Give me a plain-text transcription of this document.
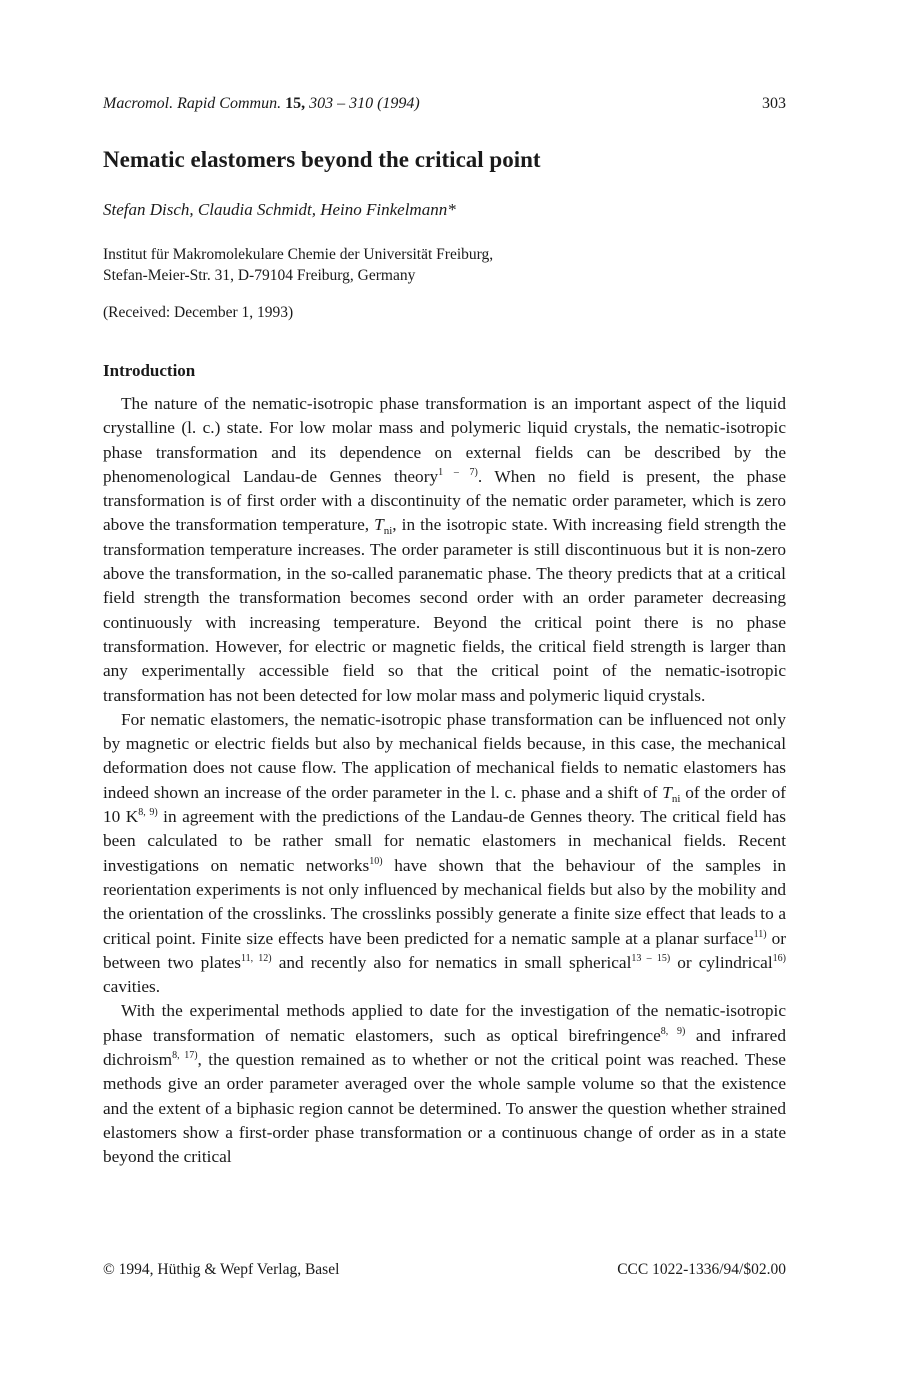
Macromol. Rapid Commun. 15, 303 – 310 (1994)	303
Nematic elastomers beyond the critical point
Stefan Disch, Claudia Schmidt, Heino Finkelmann*
Institut für Makromolekulare Chemie der Universität Freiburg,
Stefan-Meier-Str. 31, D-79104 Freiburg, Germany
(Received: December 1, 1993)
Introduction

The nature of the nematic-isotropic phase transformation is an important aspect of the liquid crystalline (l. c.) state. For low molar mass and polymeric liquid crystals, the nematic-isotropic phase transformation and its dependence on external fields can be described by the phenomenological Landau-de Gennes theory$^{1 - 7)}$. When no field is present, the phase transformation is of first order with a discontinuity of the nematic order parameter, which is zero above the transformation temperature, $T_{ni}$, in the isotropic state. With increasing field strength the transformation temperature increases. The order parameter is still discontinuous but it is non-zero above the transformation, in the so-called paranematic phase. The theory predicts that at a critical field strength the transformation becomes second order with an order parameter decreasing continuously with increasing temperature. Beyond the critical point there is no phase transformation. However, for electric or magnetic fields, the critical field strength is larger than any experimentally accessible field so that the critical point of the nematic-isotropic transformation has not been detected for low molar mass and polymeric liquid crystals.

For nematic elastomers, the nematic-isotropic phase transformation can be influenced not only by magnetic or electric fields but also by mechanical fields because, in this case, the mechanical deformation does not cause flow. The application of mechanical fields to nematic elastomers has indeed shown an increase of the order parameter in the l. c. phase and a shift of $T_{ni}$ of the order of 10 K$^{8, 9)}$ in agreement with the predictions of the Landau-de Gennes theory. The critical field has been calculated to be rather small for nematic elastomers in mechanical fields. Recent investigations on nematic networks$^{10)}$ have shown that the behaviour of the samples in reorientation experiments is not only influenced by mechanical fields but also by the mobility and the orientation of the crosslinks. The crosslinks possibly generate a finite size effect that leads to a critical point. Finite size effects have been predicted for a nematic sample at a planar surface$^{11)}$ or between two plates$^{11, 12)}$ and recently also for nematics in small spherical$^{13 - 15)}$ or cylindrical$^{16)}$ cavities.

With the experimental methods applied to date for the investigation of the nematic-isotropic phase transformation of nematic elastomers, such as optical birefringence$^{8, 9)}$ and infrared dichroism$^{8, 17)}$, the question remained as to whether or not the critical point was reached. These methods give an order parameter averaged over the whole sample volume so that the existence and the extent of a biphasic region cannot be determined. To answer the question whether strained elastomers show a first-order phase transformation or a continuous change of order as in a state beyond the critical

© 1994, Hüthig & Wepf Verlag, Basel	CCC 1022-1336/94/$02.00
